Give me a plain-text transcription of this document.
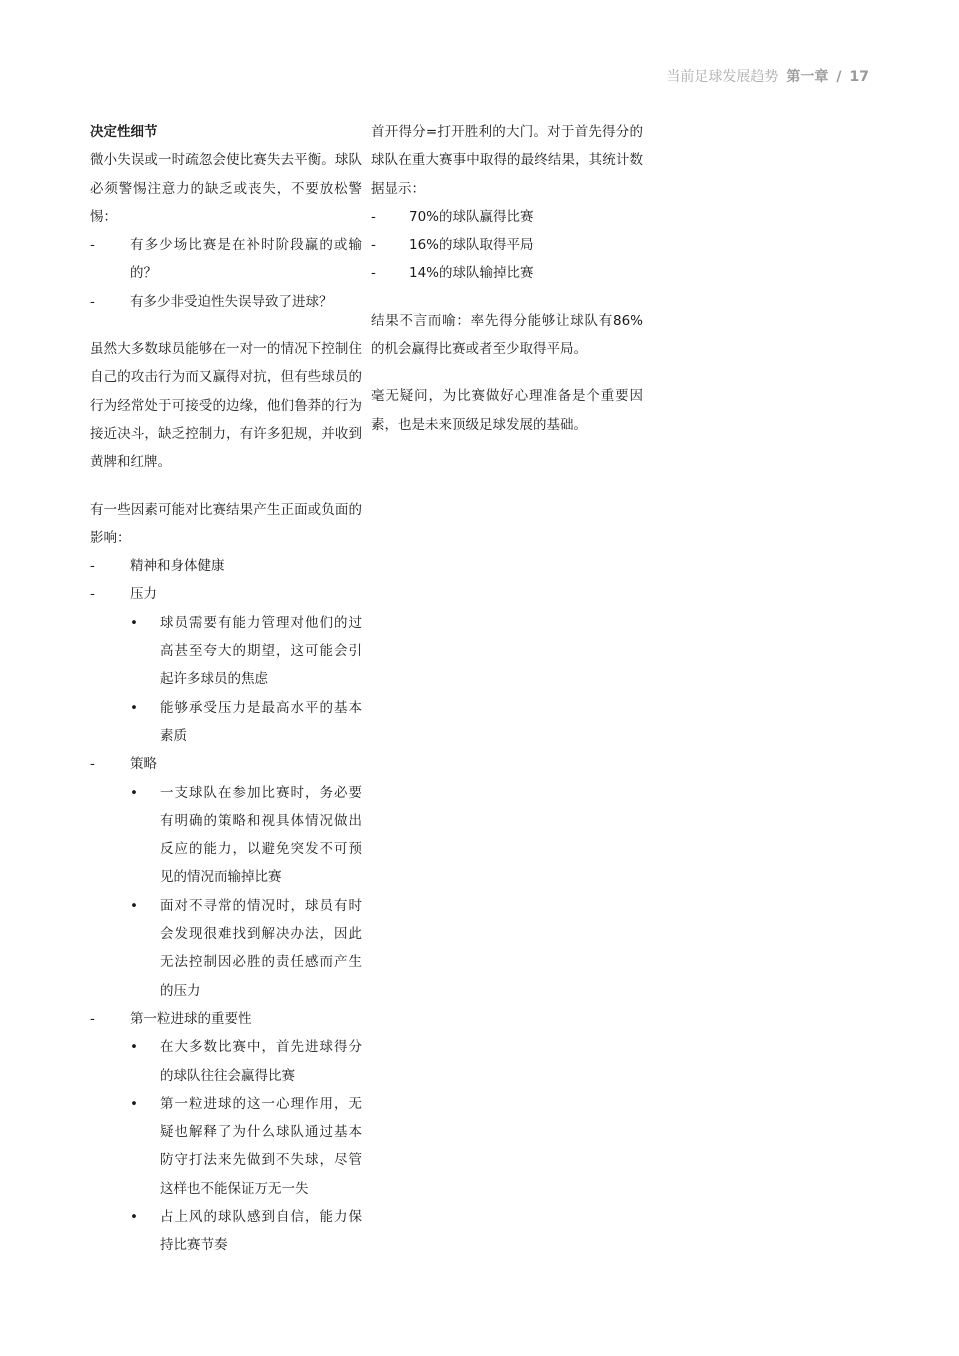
当前足球发展趋势 第一章 / 17

决定性细节

微小失误或一时疏忽会使比赛失去平衡。球队必须警惕注意力的缺乏或丧失，不要放松警惕：

-	有多少场比赛是在补时阶段赢的或输的？
-	有多少非受迫性失误导致了进球？

虽然大多数球员能够在一对一的情况下控制住自己的攻击行为而又赢得对抗，但有些球员的行为经常处于可接受的边缘，他们鲁莽的行为接近决斗，缺乏控制力，有许多犯规，并收到黄牌和红牌。

有一些因素可能对比赛结果产生正面或负面的影响：

-	精神和身体健康
-	压力
• 球员需要有能力管理对他们的过高甚至夸大的期望，这可能会引起许多球员的焦虑
• 能够承受压力是最高水平的基本素质
-	策略
• 一支球队在参加比赛时，务必要有明确的策略和视具体情况做出反应的能力，以避免突发不可预见的情况而输掉比赛
• 面对不寻常的情况时，球员有时会发现很难找到解决办法，因此无法控制因必胜的责任感而产生的压力
-	第一粒进球的重要性
• 在大多数比赛中，首先进球得分的球队往往会赢得比赛
• 第一粒进球的这一心理作用，无疑也解释了为什么球队通过基本防守打法来先做到不失球，尽管这样也不能保证万无一失
• 占上风的球队感到自信，能力保持比赛节奏

首开得分=打开胜利的大门。对于首先得分的球队在重大赛事中取得的最终结果，其统计数据显示：

- 70%的球队赢得比赛
- 16%的球队取得平局
- 14%的球队输掉比赛

结果不言而喻：率先得分能够让球队有86%的机会赢得比赛或者至少取得平局。

毫无疑问，为比赛做好心理准备是个重要因素，也是未来顶级足球发展的基础。
